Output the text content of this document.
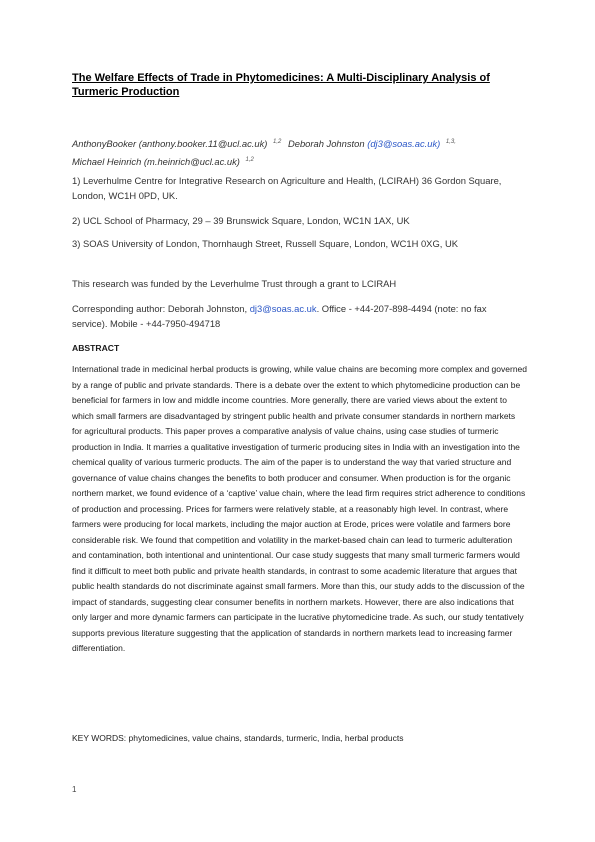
The Welfare Effects of Trade in Phytomedicines: A Multi-Disciplinary Analysis of Turmeric Production
AnthonyBooker (anthony.booker.11@ucl.ac.uk) $^{1,2}$ Deborah Johnston (dj3@soas.ac.uk) $^{1,3,}$
Michael Heinrich (m.heinrich@ucl.ac.uk) $^{1,2}$

1) Leverhulme Centre for Integrative Research on Agriculture and Health, (LCIRAH) 36 Gordon Square, London, WC1H 0PD, UK.

2) UCL School of Pharmacy, 29 – 39 Brunswick Square, London, WC1N 1AX, UK

3) SOAS University of London, Thornhaugh Street, Russell Square, London, WC1H 0XG, UK

This research was funded by the Leverhulme Trust through a grant to LCIRAH

Corresponding author: Deborah Johnston, dj3@soas.ac.uk. Office - +44-207-898-4494 (note: no fax service). Mobile - +44-7950-494718

ABSTRACT

International trade in medicinal herbal products is growing, while value chains are becoming more complex and governed by a range of public and private standards. There is a debate over the extent to which phytomedicine production can be beneficial for farmers in low and middle income countries. More generally, there are varied views about the extent to which small farmers are disadvantaged by stringent public health and private consumer standards in northern markets for agricultural products. This paper proves a comparative analysis of value chains, using case studies of turmeric production in India. It marries a qualitative investigation of turmeric producing sites in India with an investigation into the chemical quality of various turmeric products. The aim of the paper is to understand the way that varied structure and governance of value chains changes the benefits to both producer and consumer. When production is for the organic northern market, we found evidence of a ‘captive’ value chain, where the lead firm requires strict adherence to conditions of production and processing. Prices for farmers were relatively stable, at a reasonably high level. In contrast, where farmers were producing for local markets, including the major auction at Erode, prices were volatile and farmers bore considerable risk. We found that competition and volatility in the market-based chain can lead to turmeric adulteration and contamination, both intentional and unintentional. Our case study suggests that many small turmeric farmers would find it difficult to meet both public and private health standards, in contrast to some academic literature that argues that public health standards do not discriminate against small farmers. More than this, our study adds to the discussion of the impact of standards, suggesting clear consumer benefits in northern markets. However, there are also indications that only larger and more dynamic farmers can participate in the lucrative phytomedicine trade. As such, our study tentatively supports previous literature suggesting that the application of standards in northern markets lead to increasing farmer differentiation.

KEY WORDS: phytomedicines, value chains, standards, turmeric, India, herbal products

1
